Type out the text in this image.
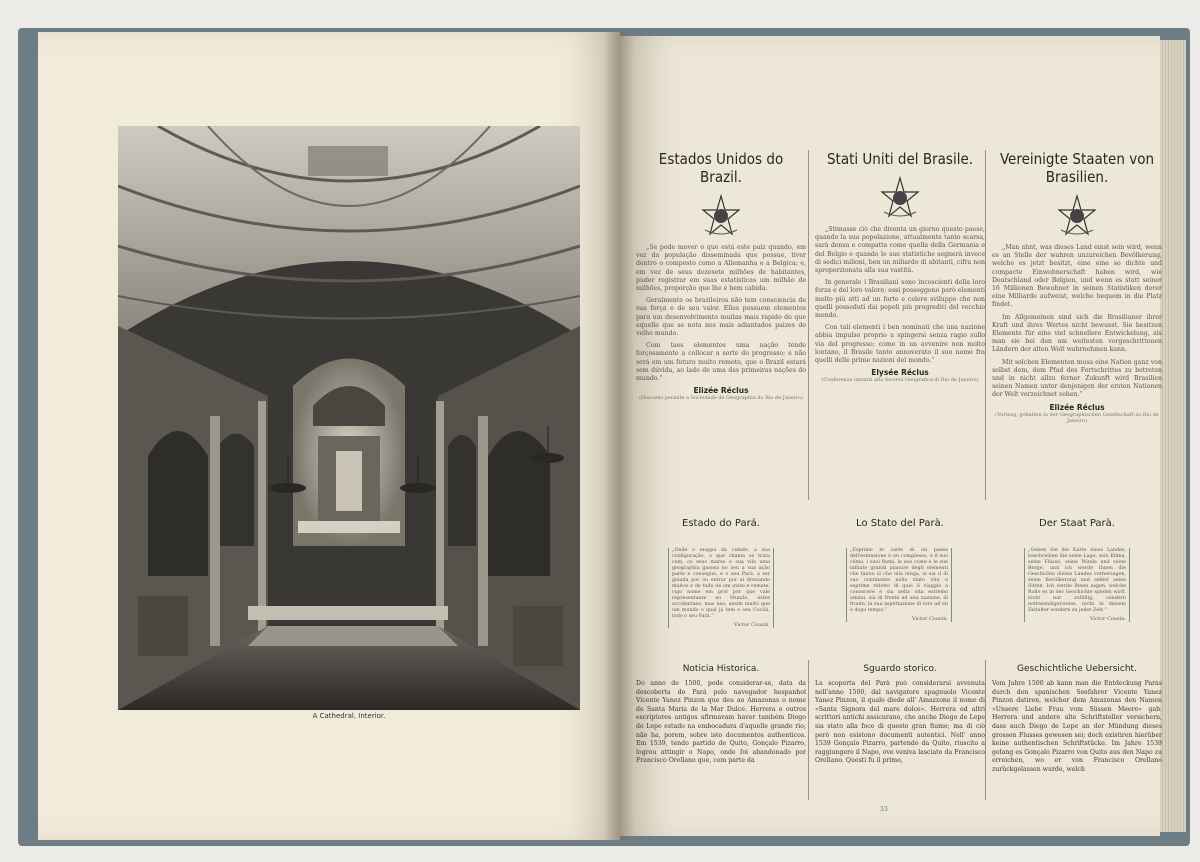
A Cathedral. Interior.
Estados Unidos do Brazil.

„Se pode mover o que está este paiz quando, em vez da população disseminada que possue, tiver dentro o composto como a Allemanha e a Belgica; e, em vez de seus dezesete milhões de habitantes, puder registrar em suas estatisticas um milhão de milhões, proporção que lhe é bem cabida.

Geralmente os brazileiros não tem consciencia de sua força e de seu valor. Elles possuem elementos para um desenvolvimento muitas mais rapido do que aquelle que se nota nos mais adiantados paizes do velho mundo.

Com taes elementos uma nação tende forçosamente a collocar a sorte do progresso; e não será em um futuro muito remoto, que o Brazil estará sem dúvida, ao lado de uma das primeiras nações do mundo.“

Elizée Réclus
(Discurso perante a Sociedade de Geographia do Rio de Janeiro)
Stati Uniti del Brasile.

„Stimasse ciò che diventa un giorno questo paese, quando la sua popolazione, attualmente tanto scarsa, sarà densa e compatta come quella della Germania e del Belgio e quando le sue statistiche segnerà invece di sedici milioni, ben un miliardo di abitanti, cifra non sproporzionata alla sua vastità.

In generale i Brasiliani sono incoscienti della loro forza e del loro valore; essi posseggono però elementi molto più atti ad un forte e celere sviluppo che non quelli posseduti dai popoli più progrediti del vecchio mondo.

Con tali elementi i ben nominati che una nazione abbia impulso proprio a spingersi senza ragio sullo via del progresso; come in un avvenire non molto lontano, il Brasile tanto annoverato il suo nome fra quelli delle prime nazioni del mondo.“

Elysée Réclus
(Conferenza innanzi alla Società Geografica di Rio de Janeiro)
Vereinigte Staaten von Brasilien.

„Man ahnt, was dieses Land einst sein wird, wenn es an Stelle der wahren unzureichen Bevölkerung, welche es jetzt besitzt, eine eine so dichte und compacte Einwohnerschaft haben wird, wie Deutschland oder Belgien, und wenn es statt seiner 16 Millionen Bewohner in seinen Statistiken derer eine Milliarde aufweist, welche bequem in die Platz findet.

Im Allgemeinen sind sich die Brasilianer ihrer Kraft und ihres Wertes nicht bewusst. Sie besitzen Elemente für eine viel schnellere Entwickelung, als man sie bei den am weitesten vorgeschrittenen Ländern der alten Welt wahrnehmen kann.

Mit solchen Elementen muss eine Nation ganz von selbst dem, dem Pfad des Fortschrittes zu betreten und in nicht allzu ferner Zukunft wird Brasilien seinen Namen unter denjenigen der ersten Nationen der Welt verzeichnet sehen.“

Elizée Réclus
(Vortrag, gehalten in der Geographischen Gesellschaft zu Rio de Janeiro)
Estado do Pará.	Lo Stato del Parà.	Der Staat Parà.
„Onde o mappa da cidade, a sua configuração, o que chama se trata com, os seus mares e sua vila uma geographia gasosa no seu a sua ação parte e consegue, e o seu Pará, a ser guiada por ou entrar por ai drenando muitos e de tudo de um aviso e remate, cujo nome em prol por que vale representante no Mundo, estes accidentaes, mas nao, assim muito que um mundo o qual já tem o seu Cocilú, todo o seu Pará.“
Victor Cousin.
„Esprime le carte di un paese dell'estensione è un complesso, e il suo clima, i suoi fiumi, le sue coste e le sue infinite grandi pianure degli elementi che fanno sì che alla lunga, si sia il dì suo continente nello stato vita e esprime ridotto di quei il viaggio a conoscere e sia nella vita estremo umani, sia di fronte ad una nazione, di fronte, la sua aspettazione di loro ad un è dopo tempo.“
Victor Cousin.
„Geben Sie die Karte eines Landes, beschreiben Sie seine Lage, sein Klima, seine Flüsse, seine Winde und seine Berge, und ich werde Ihnen die Geschichte dieses Landes vorhersagen, seine Bevölkerung und selbst seine Sitten. Ich werde Ihnen sagen, welche Rolle es in der Geschichte spielen wird, nicht nur zufällig, sondern nothwendigerweise, nicht in diesem Zeitalter sondern zu jeder Zeit.“
Victor Cousin.
Noticia Historica.	Sguardo storico.	Geschichtliche Uebersicht.
Do anno de 1500, pode considerar-se, data da descoberta do Pará pelo navegador hespanhol Vicente Yanez Pinzon que deu ao Amazonas o nome de Santa Maria de la Mar Dulce. Herrera e outros escriptores antigos afirmavam haver também Diogo de Lepe estado na embocadura d'aquelle grande rio; não ha, porem, sobre isto documentos authenticos. Em 1539, tendo partido de Quito, Gonçalo Pizarro, logrou attingir o Napo, onde foi abandonado por Francisco Orellano que, com parte da
La scoperta del Parà può considerarsi avvenuta nell'anno 1500, dal navigatore spagnuolo Vicente Yanez Pinzon, il quale diede all' Amazzone il nome di «Santa Signora del mare dolce». Herrera ed altri scrittori antichi assicurano, che anche Diego de Lepe sia stato alla foce di questo gran fiume; ma di ciò però non esistono documenti autentici. Nell' anno 1539 Gonçalo Pizarro, partendo da Quito, riuscito a raggiungere il Napo, ove veniva lasciato da Francisco Orellano. Questi fu il primo,
Vom Jahre 1500 ab kann man die Entdeckung Parás durch den spanischen Seefahrer Vicente Yanez Pinzon datiren, welcher dem Amazonas den Namen »Unsere Liebe Frau vom Süssen Meere« gab. Herrera und andere alte Schriftsteller versichern, dass auch Diego de Lepe an der Mündung dieses grossen Flusses gewesen sei; doch existiren hierüber keine authentischen Schriftstücke. Im Jahre 1539 gelang es Gonçalo Pizarro von Quito aus den Napo zu erreichen, wo er von Francisco Orellano zurückgelassen wurde, welch
33
